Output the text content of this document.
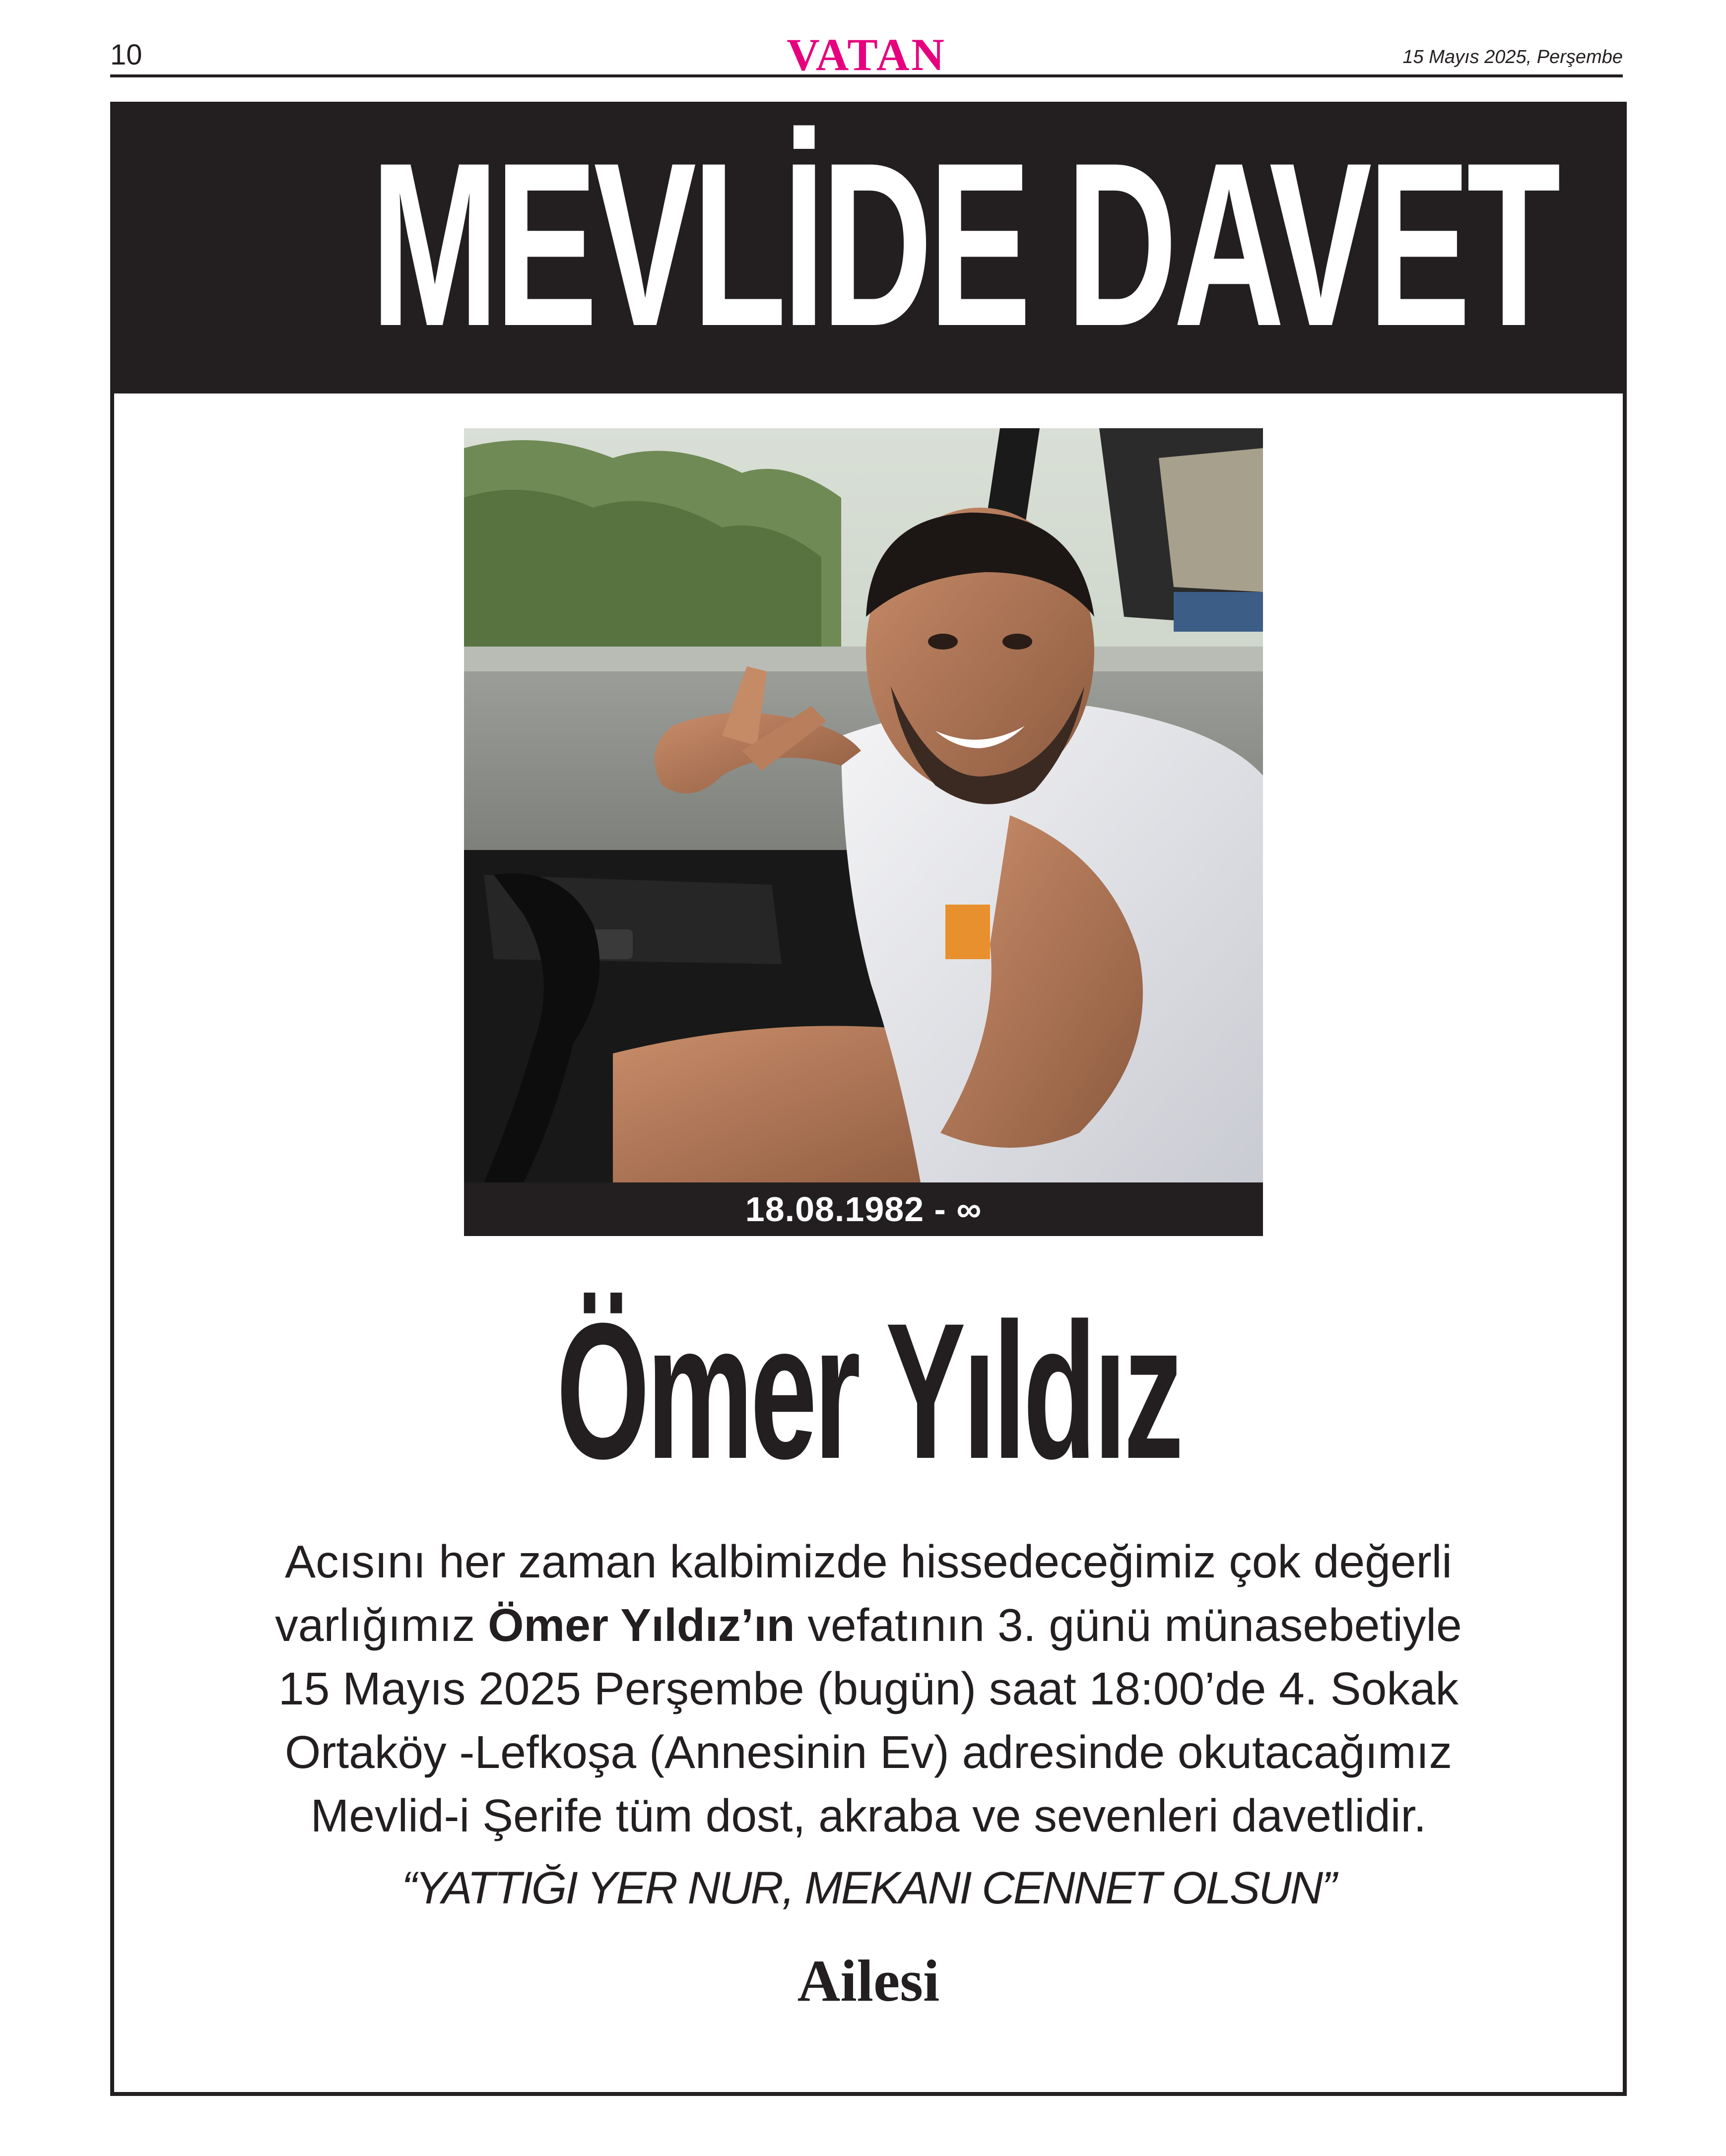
10	VATAN	15 Mayıs 2025, Perşembe
MEVLİDE DAVET
18.08.1982 - ∞
Ömer Yıldız
Acısını her zaman kalbimizde hissedeceğimiz çok değerli
varlığımız Ömer Yıldız’ın vefatının 3. günü münasebetiyle
15 Mayıs 2025 Perşembe (bugün) saat 18:00’de 4. Sokak
Ortaköy -Lefkoşa (Annesinin Ev) adresinde okutacağımız
Mevlid-i Şerife tüm dost, akraba ve sevenleri davetlidir.
“YATTIĞI YER NUR, MEKANI CENNET OLSUN”
Ailesi
